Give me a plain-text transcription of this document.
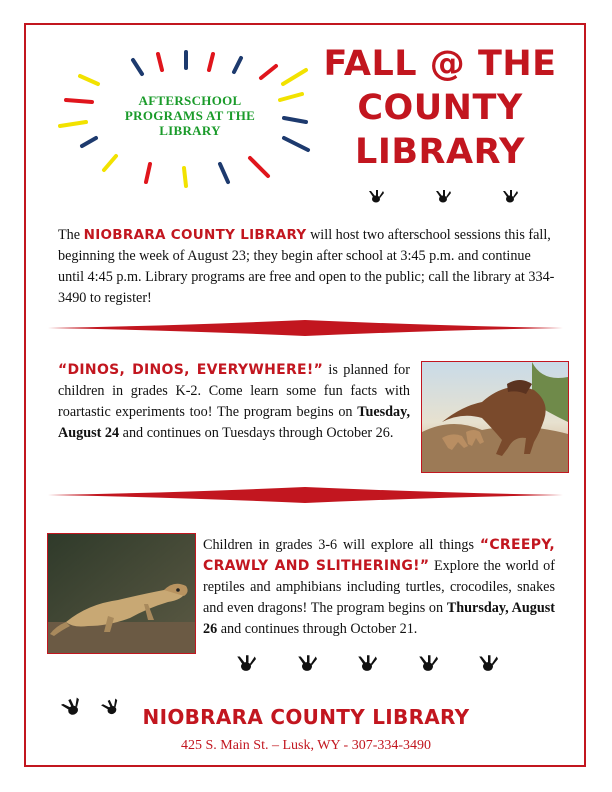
AFTERSCHOOL
PROGRAMS AT THE
LIBRARY
FALL @ THE
COUNTY
LIBRARY
The NIOBRARA COUNTY LIBRARY will host two afterschool sessions this fall, beginning the week of August 23; they begin after school at 3:45 p.m. and continue until 4:45 p.m. Library programs are free and open to the public; call the library at 334-3490 to register!
“DINOS, DINOS, EVERYWHERE!” is planned for children in grades K-2. Come learn some fun facts with roartastic experiments too! The program begins on Tuesday, August 24 and continues on Tuesdays through October 26.
Children in grades 3-6 will explore all things “CREEPY, CRAWLY AND SLITHERING!” Explore the world of reptiles and amphibians including turtles, crocodiles, snakes and even dragons! The program begins on Thursday, August 26 and continues through October 21.
NIOBRARA COUNTY LIBRARY
425 S. Main St. – Lusk, WY - 307-334-3490
